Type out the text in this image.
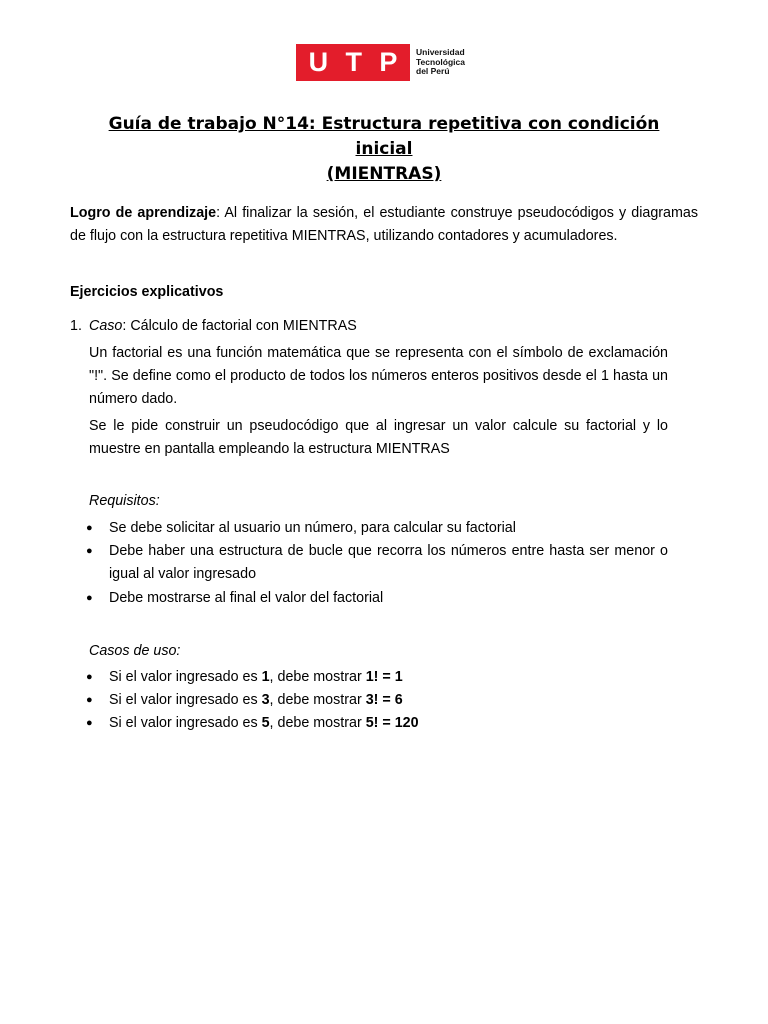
U T P Universidad
Tecnológica
del Perú
Guía de trabajo N°14: Estructura repetitiva con condición inicial
(MIENTRAS)
Logro de aprendizaje: Al finalizar la sesión, el estudiante construye pseudocódigos y diagramas de flujo con la estructura repetitiva MIENTRAS, utilizando contadores y acumuladores.
Ejercicios explicativos
1. Caso: Cálculo de factorial con MIENTRAS
Un factorial es una función matemática que se representa con el símbolo de exclamación "!". Se define como el producto de todos los números enteros positivos desde el 1 hasta un número dado.
Se le pide construir un pseudocódigo que al ingresar un valor calcule su factorial y lo muestre en pantalla empleando la estructura MIENTRAS
Requisitos:
●	Se debe solicitar al usuario un número, para calcular su factorial
●	Debe haber una estructura de bucle que recorra los números entre hasta ser menor o igual al valor ingresado
●	Debe mostrarse al final el valor del factorial
Casos de uso:
●	Si el valor ingresado es 1, debe mostrar 1! = 1
●	Si el valor ingresado es 3, debe mostrar 3! = 6
●	Si el valor ingresado es 5, debe mostrar 5! = 120
